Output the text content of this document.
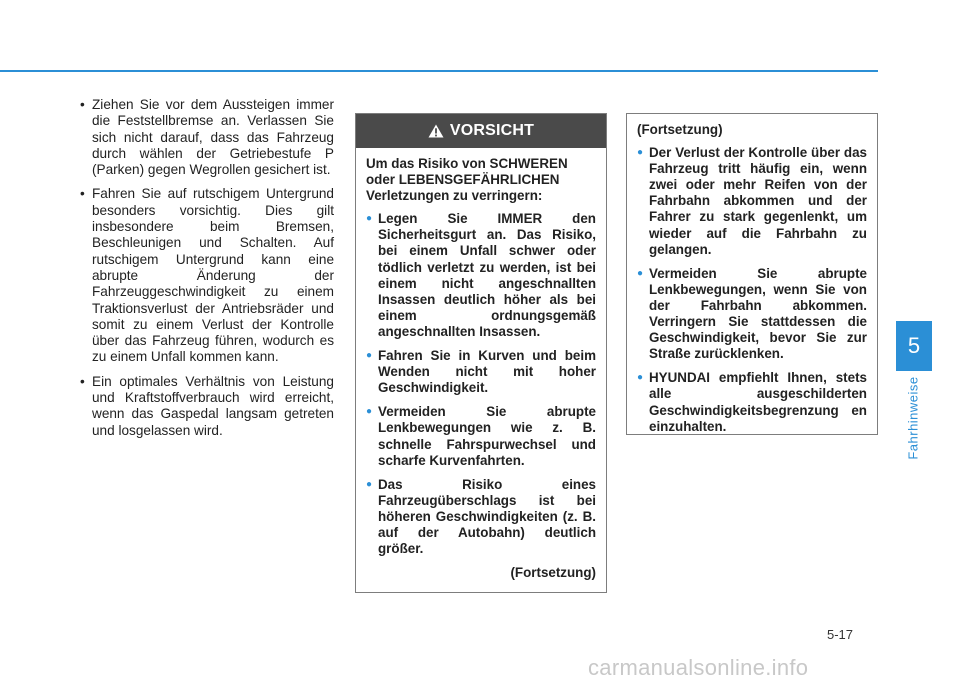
• Ziehen Sie vor dem Aussteigen immer die Feststellbremse an. Verlassen Sie sich nicht darauf, dass das Fahrzeug durch wählen der Getriebestufe P (Parken) gegen Wegrollen gesichert ist.
• Fahren Sie auf rutschigem Untergrund besonders vorsichtig. Dies gilt insbesondere beim Bremsen, Beschleunigen und Schalten. Auf rutschigem Untergrund kann eine abrupte Änderung der Fahrzeuggeschwindigkeit zu einem Traktionsverlust der Antriebsräder und somit zu einem Verlust der Kontrolle über das Fahrzeug führen, wodurch es zu einem Unfall kommen kann.
• Ein optimales Verhältnis von Leistung und Kraftstoffverbrauch wird erreicht, wenn das Gaspedal langsam getreten und losgelassen wird.
VORSICHT
Um das Risiko von SCHWEREN oder LEBENSGEFÄHRLICHEN Verletzungen zu verringern:
● Legen Sie IMMER den Sicherheitsgurt an. Das Risiko, bei einem Unfall schwer oder tödlich verletzt zu werden, ist bei einem nicht angeschnallten Insassen deutlich höher als bei einem ordnungsgemäß angeschnallten Insassen.
● Fahren Sie in Kurven und beim Wenden nicht mit hoher Geschwindigkeit.
● Vermeiden Sie abrupte Lenkbewegungen wie z. B. schnelle Fahrspurwechsel und scharfe Kurvenfahrten.
● Das Risiko eines Fahrzeugüberschlags ist bei höheren Geschwindigkeiten (z. B. auf der Autobahn) deutlich größer.
(Fortsetzung)
(Fortsetzung)
● Der Verlust der Kontrolle über das Fahrzeug tritt häufig ein, wenn zwei oder mehr Reifen von der Fahrbahn abkommen und der Fahrer zu stark gegenlenkt, um wieder auf die Fahrbahn zu gelangen.
● Vermeiden Sie abrupte Lenkbewegungen, wenn Sie von der Fahrbahn abkommen. Verringern Sie stattdessen die Geschwindigkeit, bevor Sie zur Straße zurücklenken.
● HYUNDAI empfiehlt Ihnen, stets alle ausgeschilderten Geschwindigkeitsbegrenzung en einzuhalten.
5
Fahrhinweise
5-17
carmanualsonline.info
